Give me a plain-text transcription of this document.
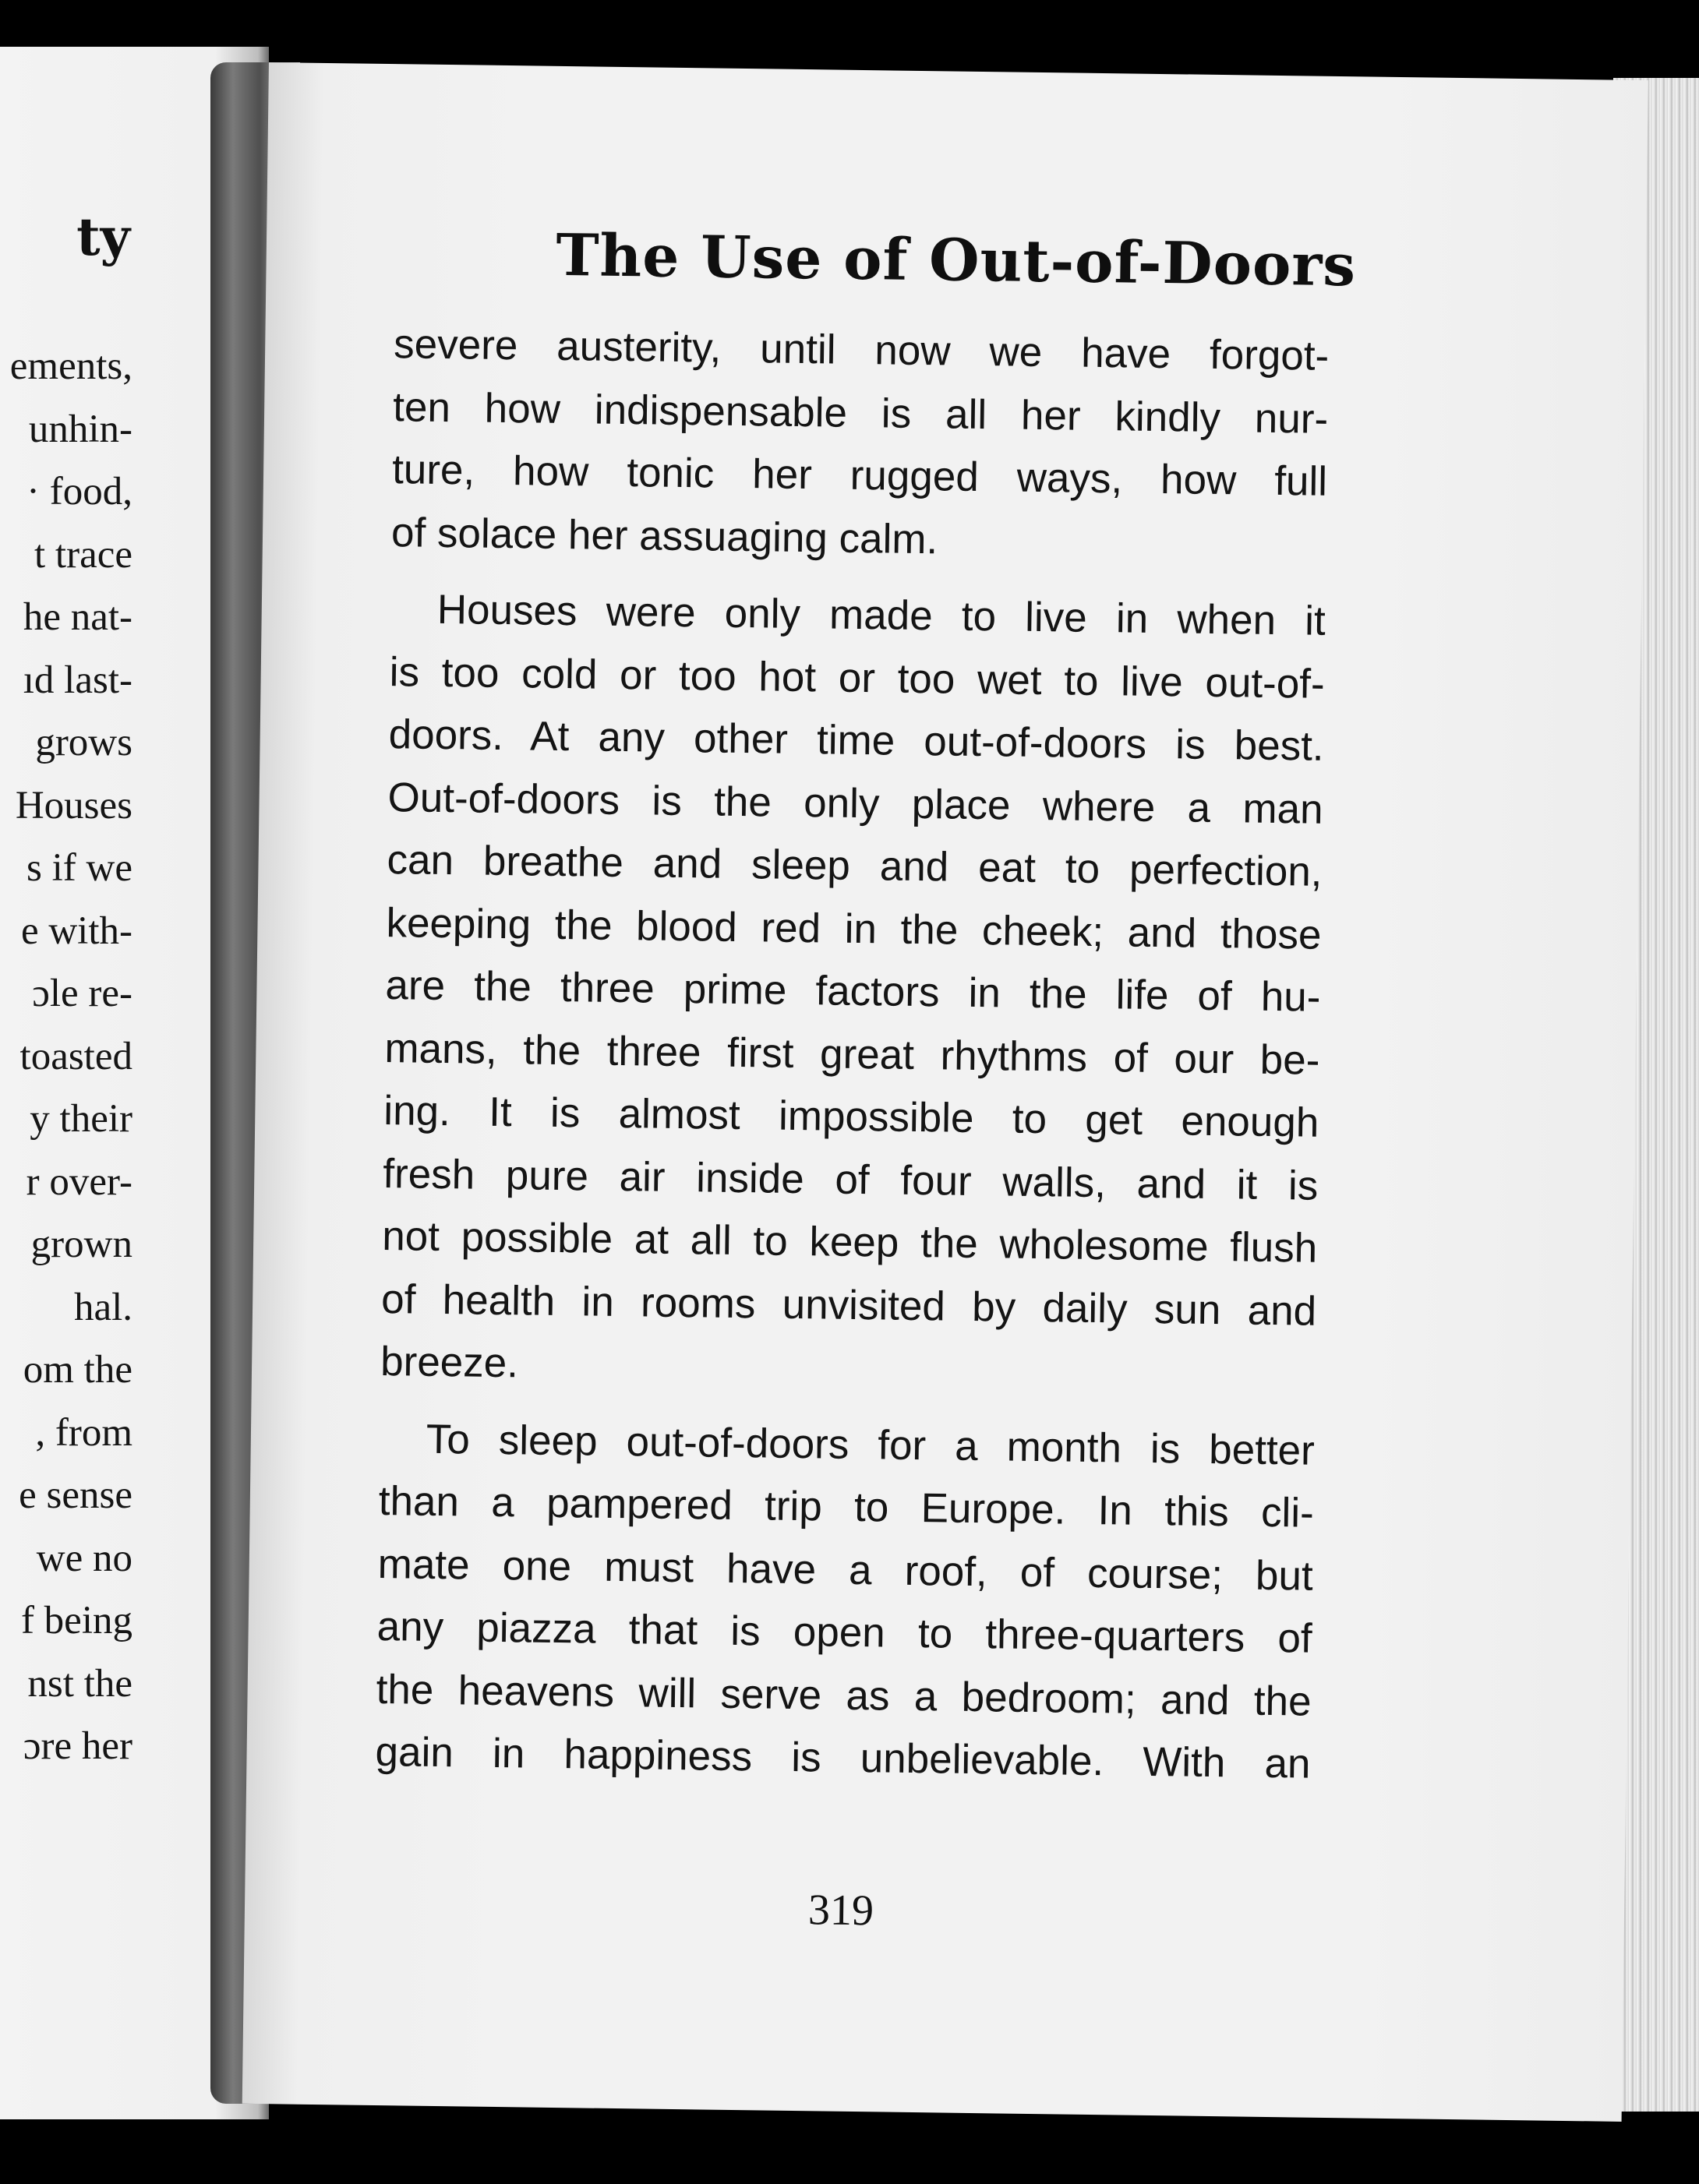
ty
ements,
unhin-
· food,
t trace
he nat-
ıd last-
grows
Houses
s if we
e with-
ɔle re-
toasted
y their
r over-
grown
hal.
om the
, from
e sense
we no
f being
nst the
ɔre her
The Use of Out-of-Doors
severe austerity, until now we have forgot-
ten how indispensable is all her kindly nur-
ture, how tonic her rugged ways, how full
of solace her assuaging calm.
Houses were only made to live in when it
is too cold or too hot or too wet to live out-of-
doors. At any other time out-of-doors is best.
Out-of-doors is the only place where a man
can breathe and sleep and eat to perfection,
keeping the blood red in the cheek; and those
are the three prime factors in the life of hu-
mans, the three first great rhythms of our be-
ing. It is almost impossible to get enough
fresh pure air inside of four walls, and it is
not possible at all to keep the wholesome flush
of health in rooms unvisited by daily sun and
breeze.
To sleep out-of-doors for a month is better
than a pampered trip to Europe. In this cli-
mate one must have a roof, of course; but
any piazza that is open to three-quarters of
the heavens will serve as a bedroom; and the
gain in happiness is unbelievable. With an
319
